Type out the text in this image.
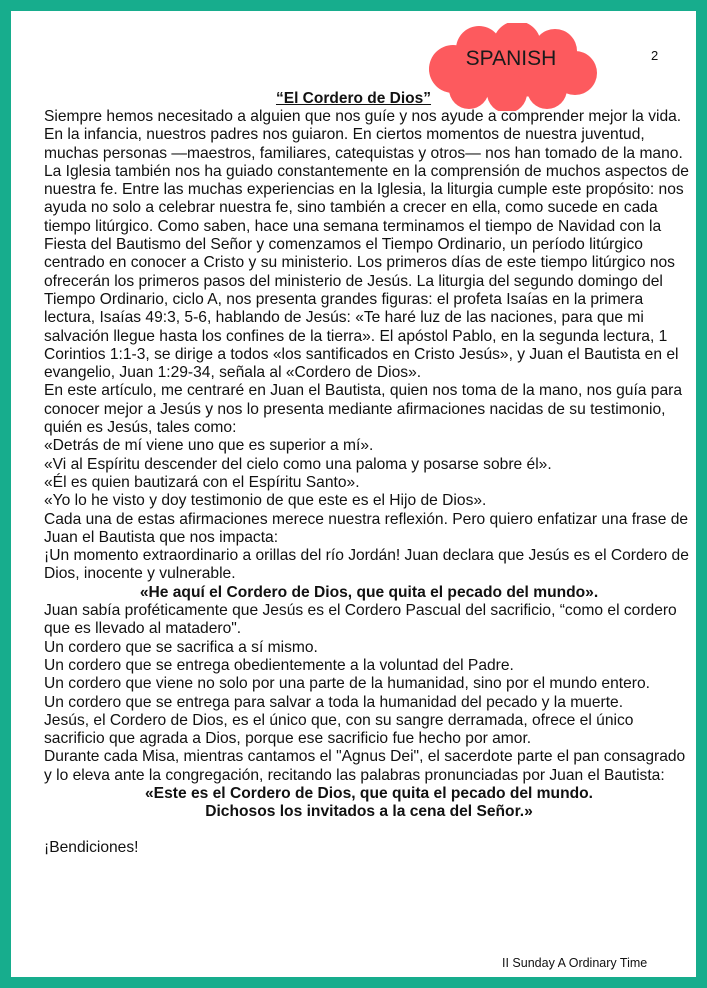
SPANISH	2
“El Cordero de Dios”

Siempre hemos necesitado a alguien que nos guíe y nos ayude a comprender mejor la vida. En la infancia, nuestros padres nos guiaron. En ciertos momentos de nuestra juventud, muchas personas —maestros, familiares, catequistas y otros— nos han tomado de la mano. La Iglesia también nos ha guiado constantemente en la comprensión de muchos aspectos de nuestra fe. Entre las muchas experiencias en la Iglesia, la liturgia cumple este propósito: nos ayuda no solo a celebrar nuestra fe, sino también a crecer en ella, como sucede en cada tiempo litúrgico. Como saben, hace una semana terminamos el tiempo de Navidad con la Fiesta del Bautismo del Señor y comenzamos el Tiempo Ordinario, un período litúrgico centrado en conocer a Cristo y su ministerio. Los primeros días de este tiempo litúrgico nos ofrecerán los primeros pasos del ministerio de Jesús. La liturgia del segundo domingo del Tiempo Ordinario, ciclo A, nos presenta grandes figuras: el profeta Isaías en la primera lectura, Isaías 49:3, 5-6, hablando de Jesús: «Te haré luz de las naciones, para que mi salvación llegue hasta los confines de la tierra». El apóstol Pablo, en la segunda lectura, 1 Corintios 1:1-3, se dirige a todos «los santificados en Cristo Jesús», y Juan el Bautista en el evangelio, Juan 1:29-34, señala al «Cordero de Dios».

En este artículo, me centraré en Juan el Bautista, quien nos toma de la mano, nos guía para conocer mejor a Jesús y nos lo presenta mediante afirmaciones nacidas de su testimonio, quién es Jesús, tales como:

«Detrás de mí viene uno que es superior a mí».

«Vi al Espíritu descender del cielo como una paloma y posarse sobre él».

«Él es quien bautizará con el Espíritu Santo».

«Yo lo he visto y doy testimonio de que este es el Hijo de Dios».

Cada una de estas afirmaciones merece nuestra reflexión. Pero quiero enfatizar una frase de Juan el Bautista que nos impacta:

¡Un momento extraordinario a orillas del río Jordán! Juan declara que Jesús es el Cordero de Dios, inocente y vulnerable.

«He aquí el Cordero de Dios, que quita el pecado del mundo».

Juan sabía proféticamente que Jesús es el Cordero Pascual del sacrificio, “como el cordero que es llevado al matadero".

Un cordero que se sacrifica a sí mismo.

Un cordero que se entrega obedientemente a la voluntad del Padre.

Un cordero que viene no solo por una parte de la humanidad, sino por el mundo entero.

Un cordero que se entrega para salvar a toda la humanidad del pecado y la muerte.

Jesús, el Cordero de Dios, es el único que, con su sangre derramada, ofrece el único sacrificio que agrada a Dios, porque ese sacrificio fue hecho por amor.

Durante cada Misa, mientras cantamos el "Agnus Dei", el sacerdote parte el pan consagrado y lo eleva ante la congregación, recitando las palabras pronunciadas por Juan el Bautista:

«Este es el Cordero de Dios, que quita el pecado del mundo.

Dichosos los invitados a la cena del Señor.»

¡Bendiciones!

II Sunday A Ordinary Time
